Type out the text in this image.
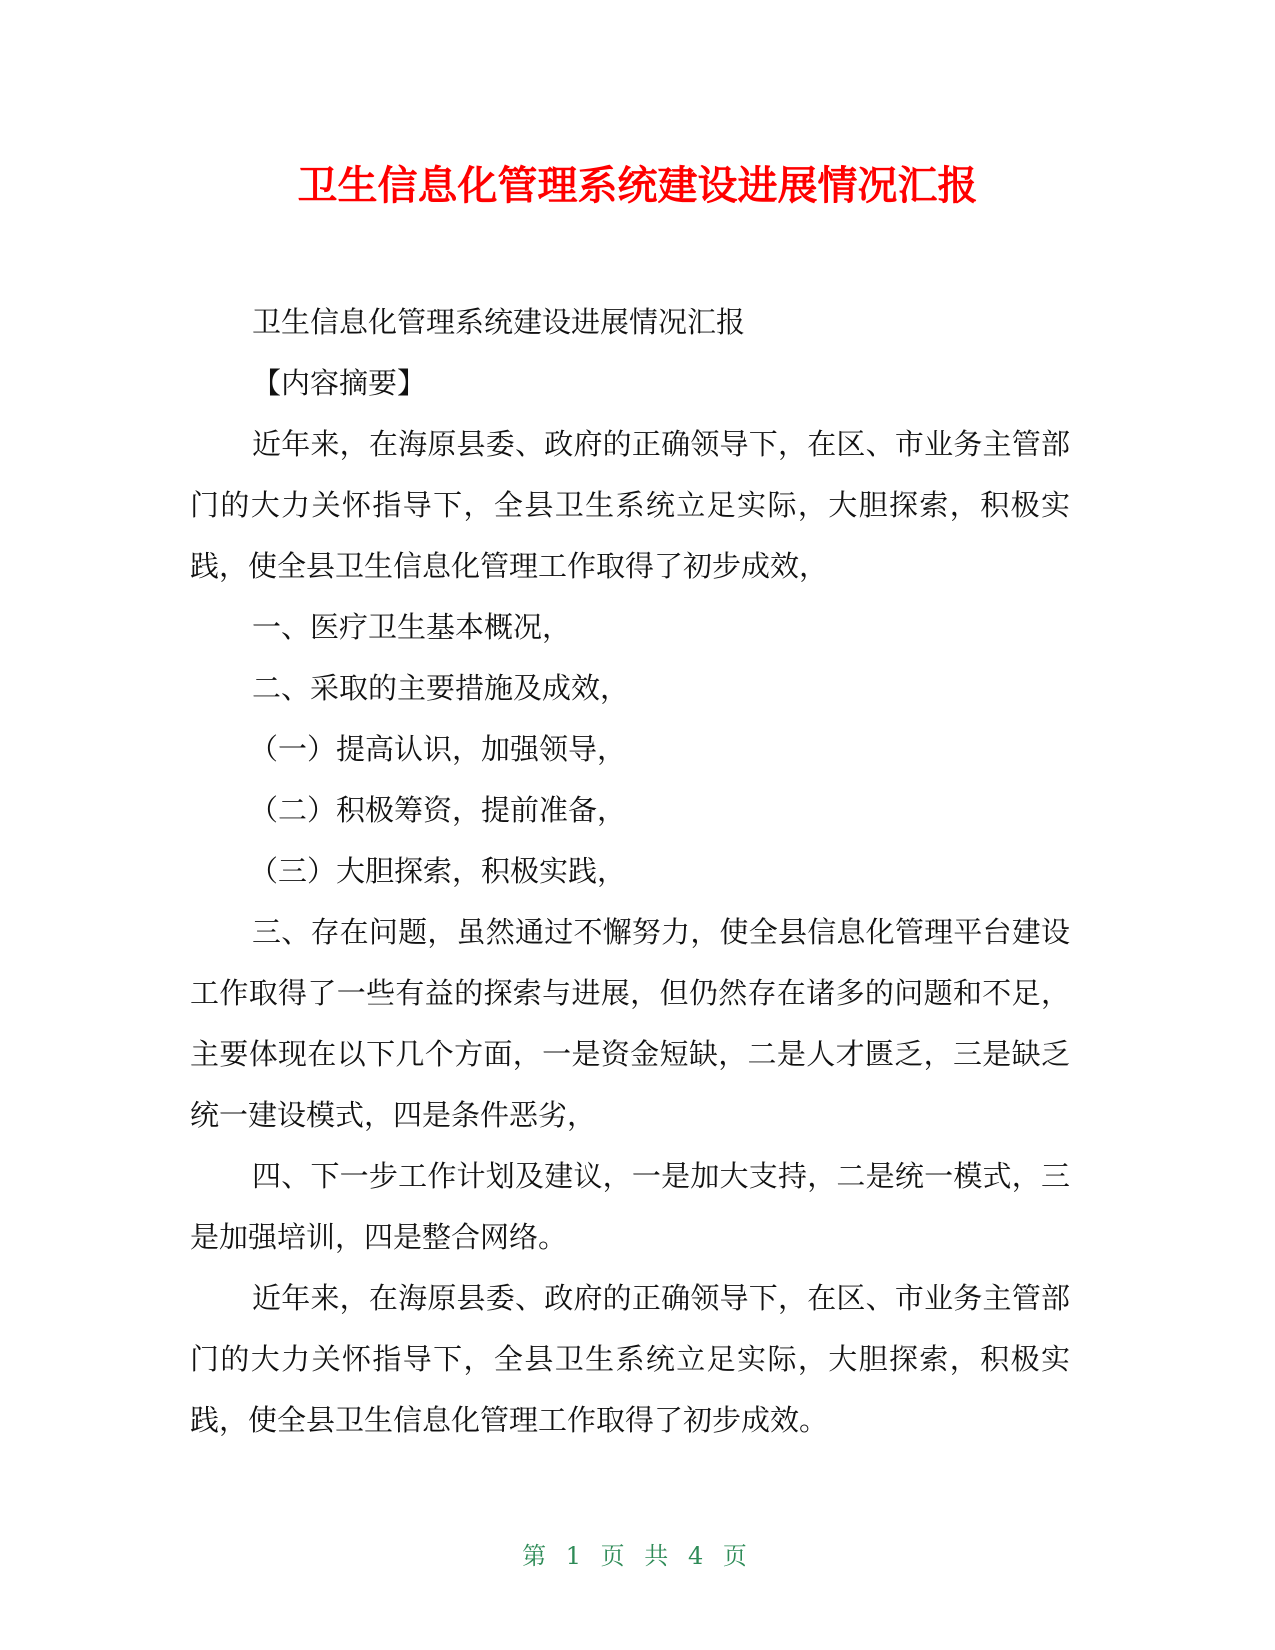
卫生信息化管理系统建设进展情况汇报

卫生信息化管理系统建设进展情况汇报

【内容摘要】

近年来，在海原县委、政府的正确领导下，在区、市业务主管部门的大力关怀指导下，全县卫生系统立足实际，大胆探索，积极实践，使全县卫生信息化管理工作取得了初步成效，

一、医疗卫生基本概况，

二、采取的主要措施及成效，

（一）提高认识，加强领导，

（二）积极筹资，提前准备，

（三）大胆探索，积极实践，

三、存在问题，虽然通过不懈努力，使全县信息化管理平台建设工作取得了一些有益的探索与进展，但仍然存在诸多的问题和不足，主要体现在以下几个方面，一是资金短缺，二是人才匮乏，三是缺乏统一建设模式，四是条件恶劣，

四、下一步工作计划及建议，一是加大支持，二是统一模式，三是加强培训，四是整合网络。

近年来，在海原县委、政府的正确领导下，在区、市业务主管部门的大力关怀指导下，全县卫生系统立足实际，大胆探索，积极实践，使全县卫生信息化管理工作取得了初步成效。

第 1 页 共 4 页
